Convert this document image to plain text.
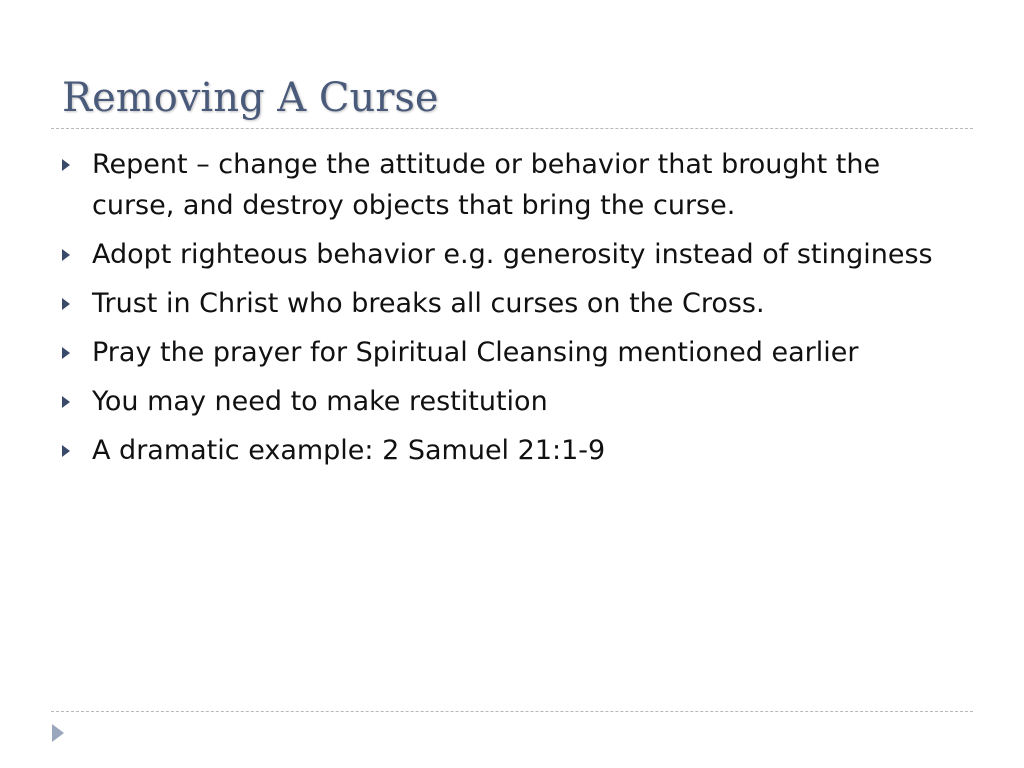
Removing A Curse
Repent – change the attitude or behavior that brought the curse, and destroy objects that bring the curse.
Adopt righteous behavior e.g. generosity instead of stinginess
Trust in Christ who breaks all curses on the Cross.
Pray the prayer for Spiritual Cleansing mentioned earlier
You may need to make restitution
A dramatic example: 2 Samuel 21:1-9
